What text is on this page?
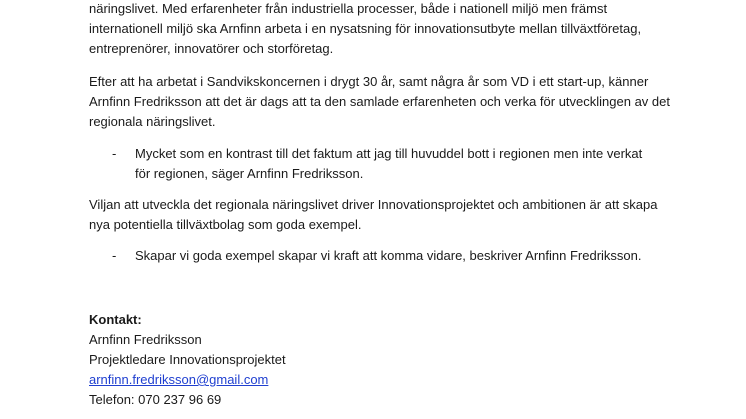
näringslivet. Med erfarenheter från industriella processer, både i nationell miljö men främst
internationell miljö ska Arnfinn arbeta i en nysatsning för innovationsutbyte mellan tillväxtföretag,
entreprenörer, innovatörer och storföretag.
Efter att ha arbetat i Sandvikskoncernen i drygt 30 år, samt några år som VD i ett start-up, känner
Arnfinn Fredriksson att det är dags att ta den samlade erfarenheten och verka för utvecklingen av det
regionala näringslivet.
- Mycket som en kontrast till det faktum att jag till huvuddel bott i regionen men inte verkat
för regionen, säger Arnfinn Fredriksson.
Viljan att utveckla det regionala näringslivet driver Innovationsprojektet och ambitionen är att skapa
nya potentiella tillväxtbolag som goda exempel.
- Skapar vi goda exempel skapar vi kraft att komma vidare, beskriver Arnfinn Fredriksson.
Kontakt:
Arnfinn Fredriksson
Projektledare Innovationsprojektet
arnfinn.fredriksson@gmail.com
Telefon: 070 237 96 69
